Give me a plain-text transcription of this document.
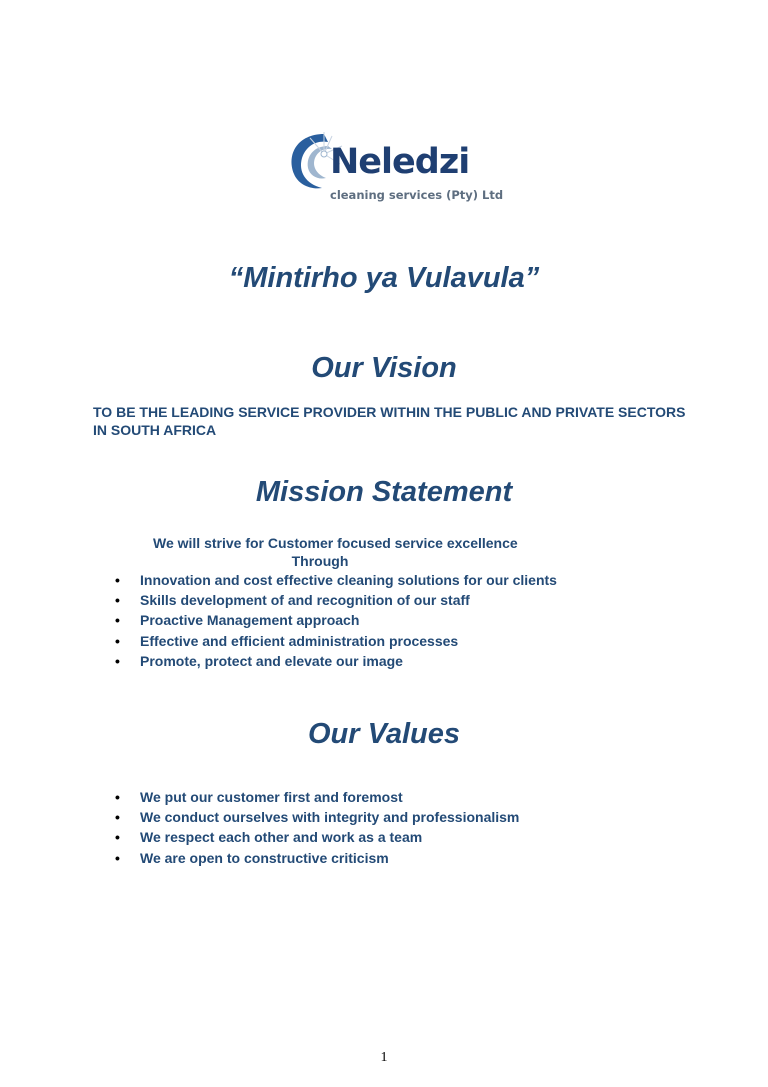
Neledzi
cleaning services (Pty) Ltd
“Mintirho ya Vulavula”
Our Vision
TO BE THE LEADING SERVICE PROVIDER WITHIN THE PUBLIC AND PRIVATE SECTORS IN SOUTH AFRICA
Mission Statement
We will strive for Customer focused service excellence
Through
• Innovation and cost effective cleaning solutions for our clients
• Skills development of and recognition of our staff
• Proactive Management approach
• Effective and efficient administration processes
• Promote, protect and elevate our image
Our Values
• We put our customer first and foremost
• We conduct ourselves with integrity and professionalism
• We respect each other and work as a team
• We are open to constructive criticism
1
